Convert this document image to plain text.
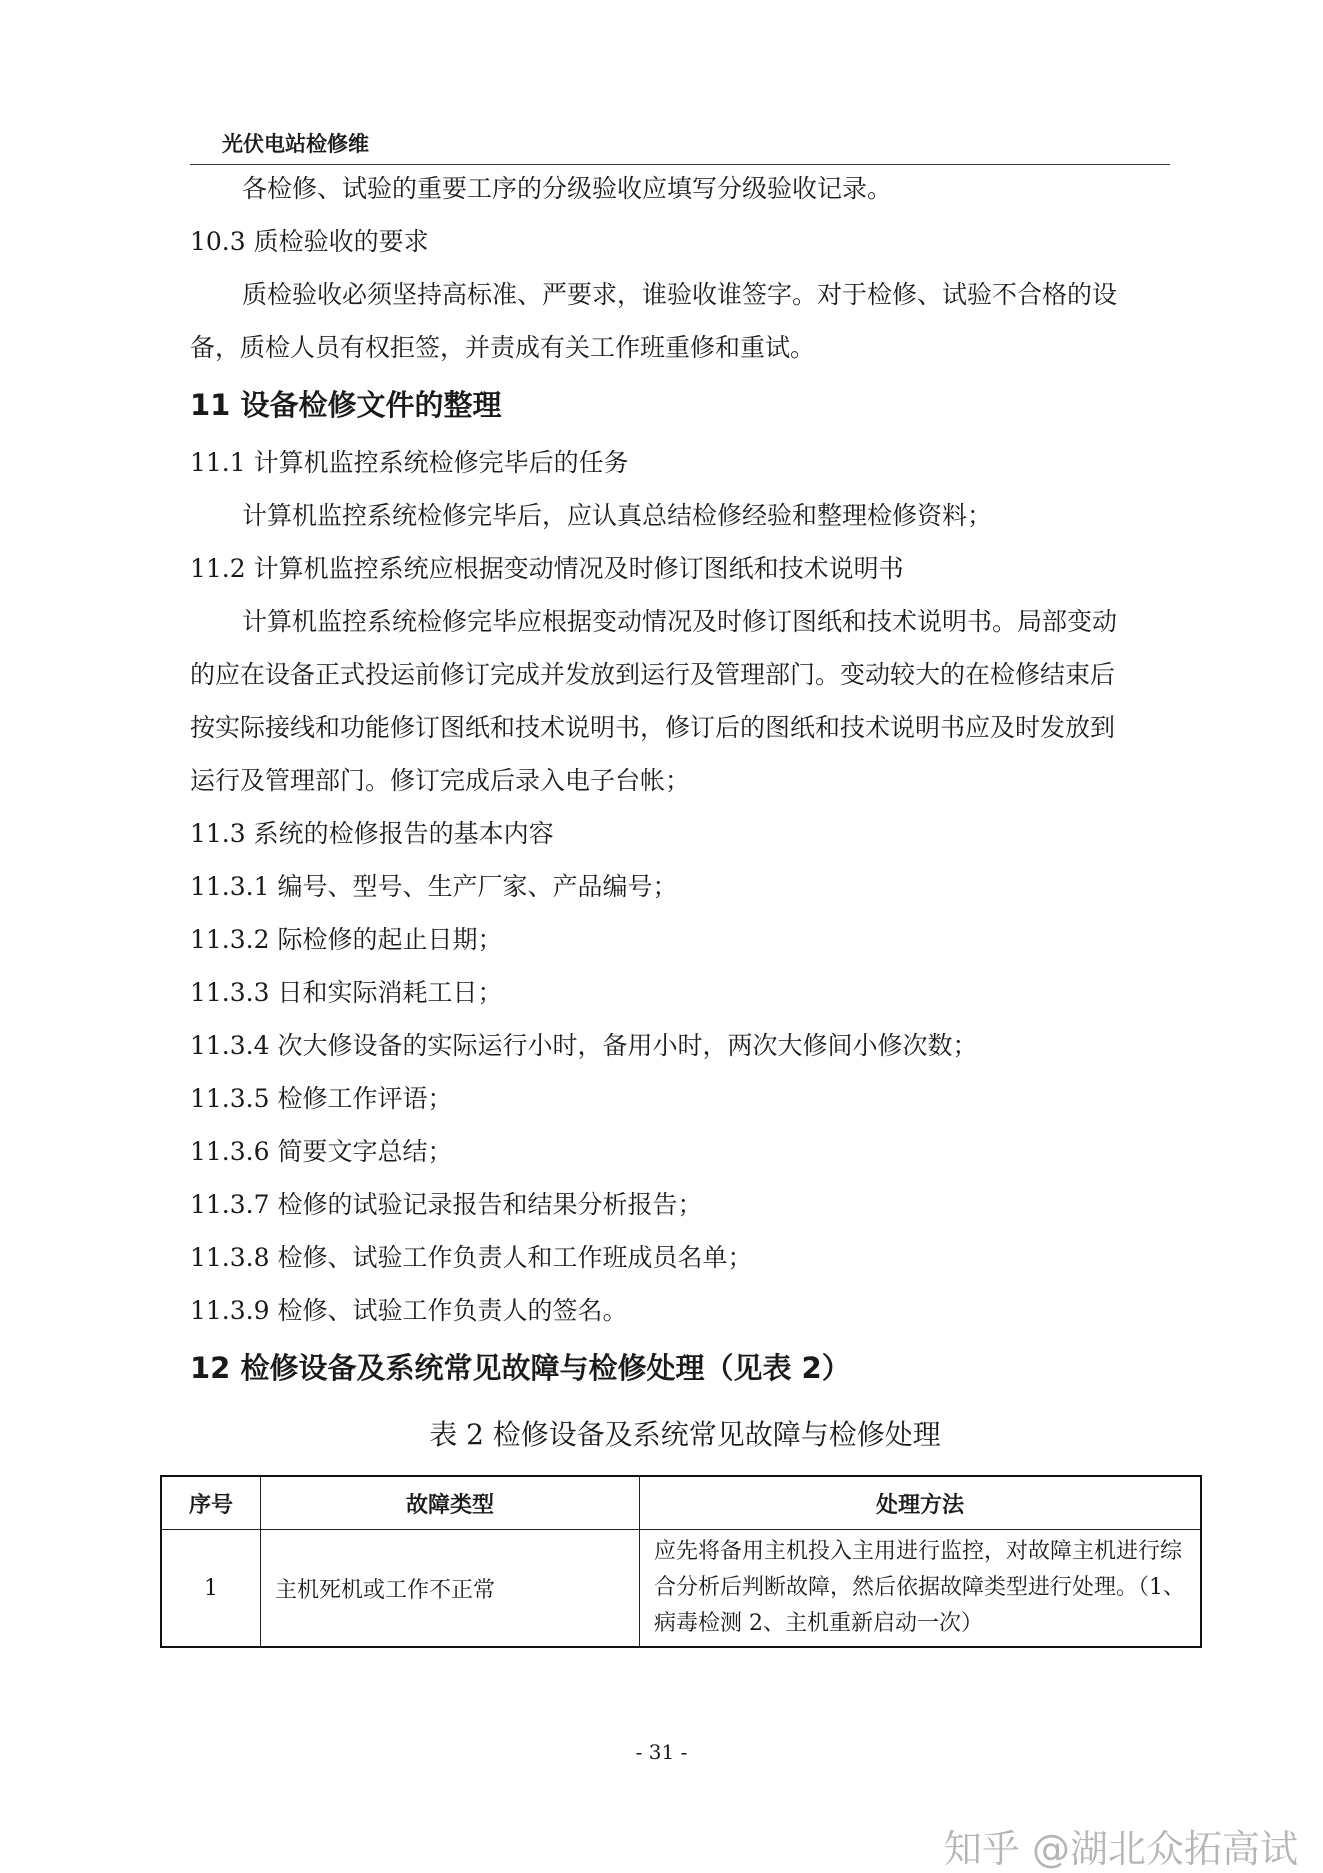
光伏电站检修维
各检修、试验的重要工序的分级验收应填写分级验收记录。
10.3 质检验收的要求
质检验收必须坚持高标准、严要求，谁验收谁签字。对于检修、试验不合格的设
备，质检人员有权拒签，并责成有关工作班重修和重试。
11 设备检修文件的整理
11.1 计算机监控系统检修完毕后的任务
计算机监控系统检修完毕后，应认真总结检修经验和整理检修资料；
11.2 计算机监控系统应根据变动情况及时修订图纸和技术说明书
计算机监控系统检修完毕应根据变动情况及时修订图纸和技术说明书。局部变动
的应在设备正式投运前修订完成并发放到运行及管理部门。变动较大的在检修结束后
按实际接线和功能修订图纸和技术说明书，修订后的图纸和技术说明书应及时发放到
运行及管理部门。修订完成后录入电子台帐；
11.3 系统的检修报告的基本内容
11.3.1 编号、型号、生产厂家、产品编号；
11.3.2 际检修的起止日期；
11.3.3 日和实际消耗工日；
11.3.4 次大修设备的实际运行小时，备用小时，两次大修间小修次数；
11.3.5 检修工作评语；
11.3.6 简要文字总结；
11.3.7 检修的试验记录报告和结果分析报告；
11.3.8 检修、试验工作负责人和工作班成员名单；
11.3.9 检修、试验工作负责人的签名。
12 检修设备及系统常见故障与检修处理（见表 2）
表 2 检修设备及系统常见故障与检修处理
序号	故障类型	处理方法
1	主机死机或工作不正常	应先将备用主机投入主用进行监控，对故障主机进行综
合分析后判断故障，然后依据故障类型进行处理。（1、
病毒检测 2、主机重新启动一次）
- 31 -
知乎 @湖北众拓高试
